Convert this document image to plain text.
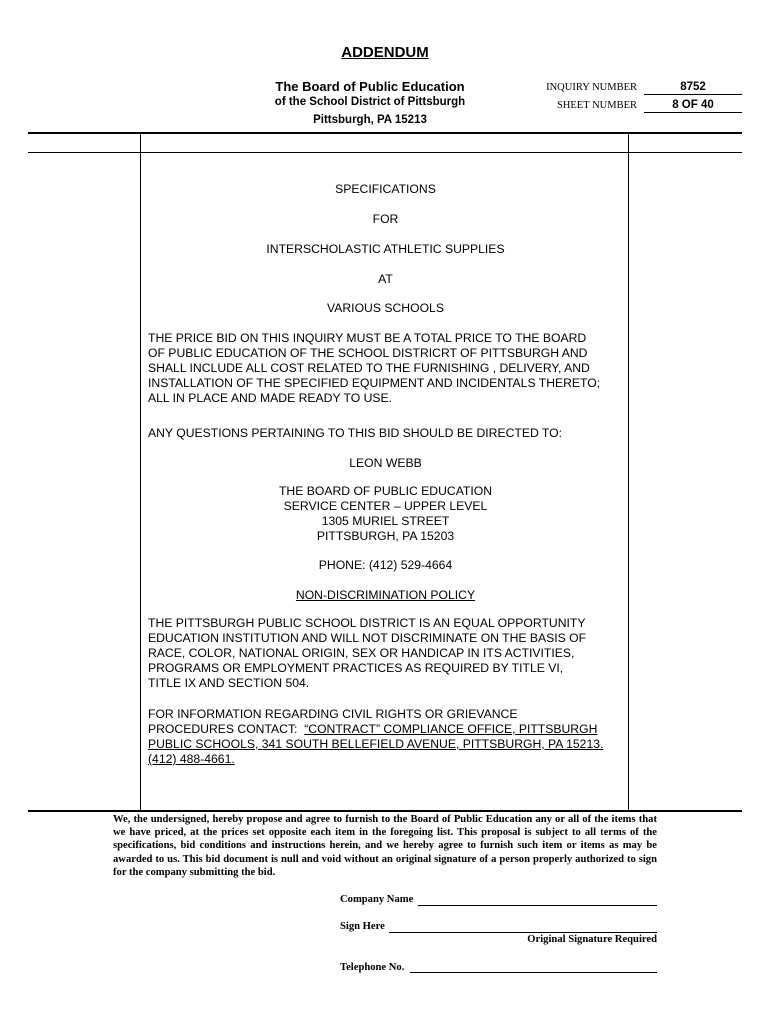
ADDENDUM
The Board of Public Education
of the School District of Pittsburgh
Pittsburgh, PA 15213
INQUIRY NUMBER	8752
SHEET NUMBER	8 OF 40
SPECIFICATIONS
FOR
INTERSCHOLASTIC ATHLETIC SUPPLIES
AT
VARIOUS SCHOOLS
THE PRICE BID ON THIS INQUIRY MUST BE A TOTAL PRICE TO THE BOARD
OF PUBLIC EDUCATION OF THE SCHOOL DISTRICRT OF PITTSBURGH AND
SHALL INCLUDE ALL COST RELATED TO THE FURNISHING , DELIVERY, AND
INSTALLATION OF THE SPECIFIED EQUIPMENT AND INCIDENTALS THERETO;
ALL IN PLACE AND MADE READY TO USE.
ANY QUESTIONS PERTAINING TO THIS BID SHOULD BE DIRECTED TO:
LEON WEBB
THE BOARD OF PUBLIC EDUCATION
SERVICE CENTER – UPPER LEVEL
1305 MURIEL STREET
PITTSBURGH, PA 15203
PHONE: (412) 529-4664
NON-DISCRIMINATION POLICY
THE PITTSBURGH PUBLIC SCHOOL DISTRICT IS AN EQUAL OPPORTUNITY
EDUCATION INSTITUTION AND WILL NOT DISCRIMINATE ON THE BASIS OF
RACE, COLOR, NATIONAL ORIGIN, SEX OR HANDICAP IN ITS ACTIVITIES,
PROGRAMS OR EMPLOYMENT PRACTICES AS REQUIRED BY TITLE VI,
TITLE IX AND SECTION 504.
FOR INFORMATION REGARDING CIVIL RIGHTS OR GRIEVANCE
PROCEDURES CONTACT:  “CONTRACT” COMPLIANCE OFFICE, PITTSBURGH
PUBLIC SCHOOLS, 341 SOUTH BELLEFIELD AVENUE, PITTSBURGH, PA 15213.
(412) 488-4661.
We, the undersigned, hereby propose and agree to furnish to the Board of Public Education any or all of the items that we have priced, at the prices set opposite each item in the foregoing list. This proposal is subject to all terms of the specifications, bid conditions and instructions herein, and we hereby agree to furnish such item or items as may be awarded to us. This bid document is null and void without an original signature of a person properly authorized to sign for the company submitting the bid.
Company Name
Sign Here
Original Signature Required
Telephone No.
